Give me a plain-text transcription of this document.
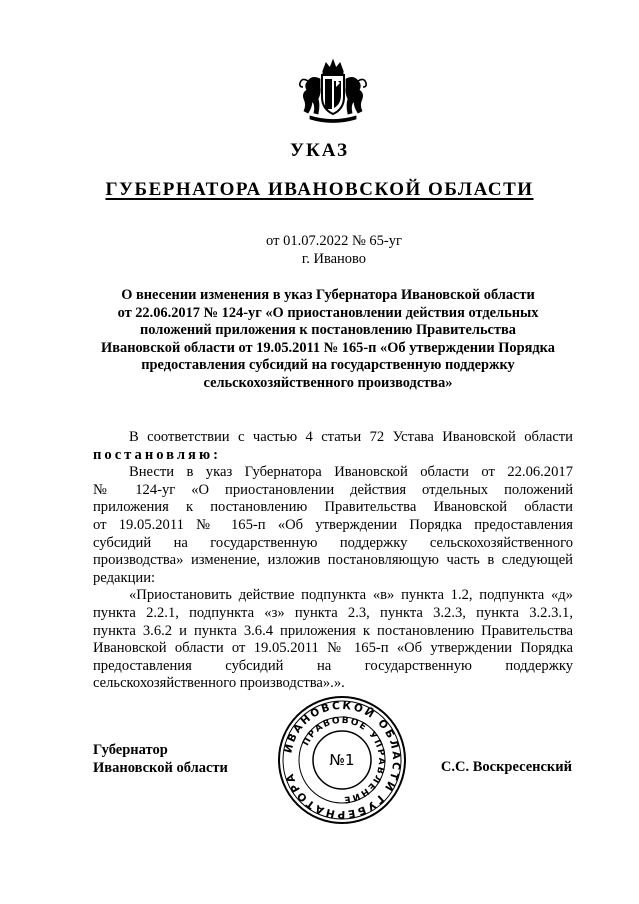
УКАЗ
ГУБЕРНАТОРА ИВАНОВСКОЙ ОБЛАСТИ
от 01.07.2022 № 65-уг
г. Иваново
О внесении изменения в указ Губернатора Ивановской области
от 22.06.2017 № 124-уг «О приостановлении действия отдельных
положений приложения к постановлению Правительства
Ивановской области от 19.05.2011 № 165-п «Об утверждении Порядка
предоставления субсидий на государственную поддержку
сельскохозяйственного производства»
В соответствии с частью 4 статьи 72 Устава Ивановской области
постановляю:
Внести в указ Губернатора Ивановской области от 22.06.2017
№ 124-уг «О приостановлении действия отдельных положений
приложения к постановлению Правительства Ивановской области
от 19.05.2011 № 165-п «Об утверждении Порядка предоставления
субсидий на государственную поддержку сельскохозяйственного
производства» изменение, изложив постановляющую часть в следующей
редакции:
«Приостановить действие подпункта «в» пункта 1.2, подпункта «д»
пункта 2.2.1, подпункта «з» пункта 2.3, пункта 3.2.3, пункта 3.2.3.1,
пункта 3.6.2 и пункта 3.6.4 приложения к постановлению Правительства
Ивановской области от 19.05.2011 № 165-п «Об утверждении Порядка
предоставления субсидий на государственную поддержку
сельскохозяйственного производства».».
Губернатор
Ивановской области
ИВАНОВСКОЙ ОБЛАСТИ ГУБЕРНАТОРА
ПРАВОВОЕ УПРАВЛЕНИЕ
№1	С.С. Воскресенский
